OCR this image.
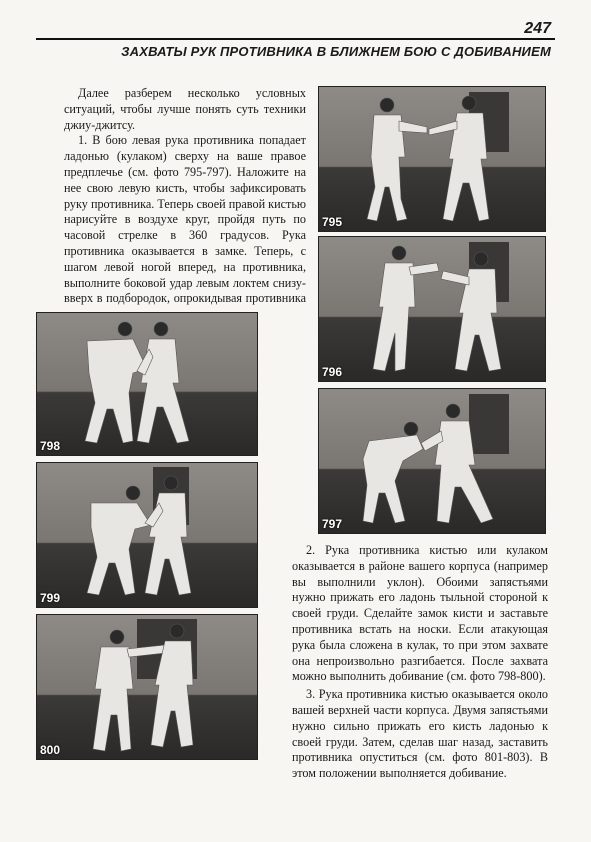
247
ЗАХВАТЫ РУК ПРОТИВНИКА В БЛИЖНЕМ БОЮ С ДОБИВАНИЕМ

Далее разберем несколько условных ситуаций, чтобы лучше понять суть техники джиу-джитсу.

1. В бою левая рука противника попадает ладонью (кулаком) сверху на ваше правое предплечье (см. фото 795-797). Наложите на нее свою левую кисть, чтобы зафиксировать руку противника. Теперь своей правой кистью нарисуйте в воздухе круг, пройдя путь по часовой стрелке в 360 градусов. Рука противника оказывается в замке. Теперь, с шагом левой ногой вперед, на противника, выполните боковой удар левым локтем снизу-вверх в подбородок, опрокидывая противника

795
796
797
798
799
800

2. Рука противника кистью или кулаком оказывается в районе вашего корпуса (например вы выполнили уклон). Обоими запястьями нужно прижать его ладонь тыльной стороной к своей груди. Сделайте замок кисти и заставьте противника встать на носки. Если атакующая рука была сложена в кулак, то при этом захвате она непроизвольно разгибается. После захвата можно выполнить добивание (см. фото 798-800).

3. Рука противника кистью оказывается около вашей верхней части корпуса. Двумя запястьями нужно сильно прижать его кисть ладонью к своей груди. Затем, сделав шаг назад, заставить противника опуститься (см. фото 801-803). В этом положении выполняется добивание.
